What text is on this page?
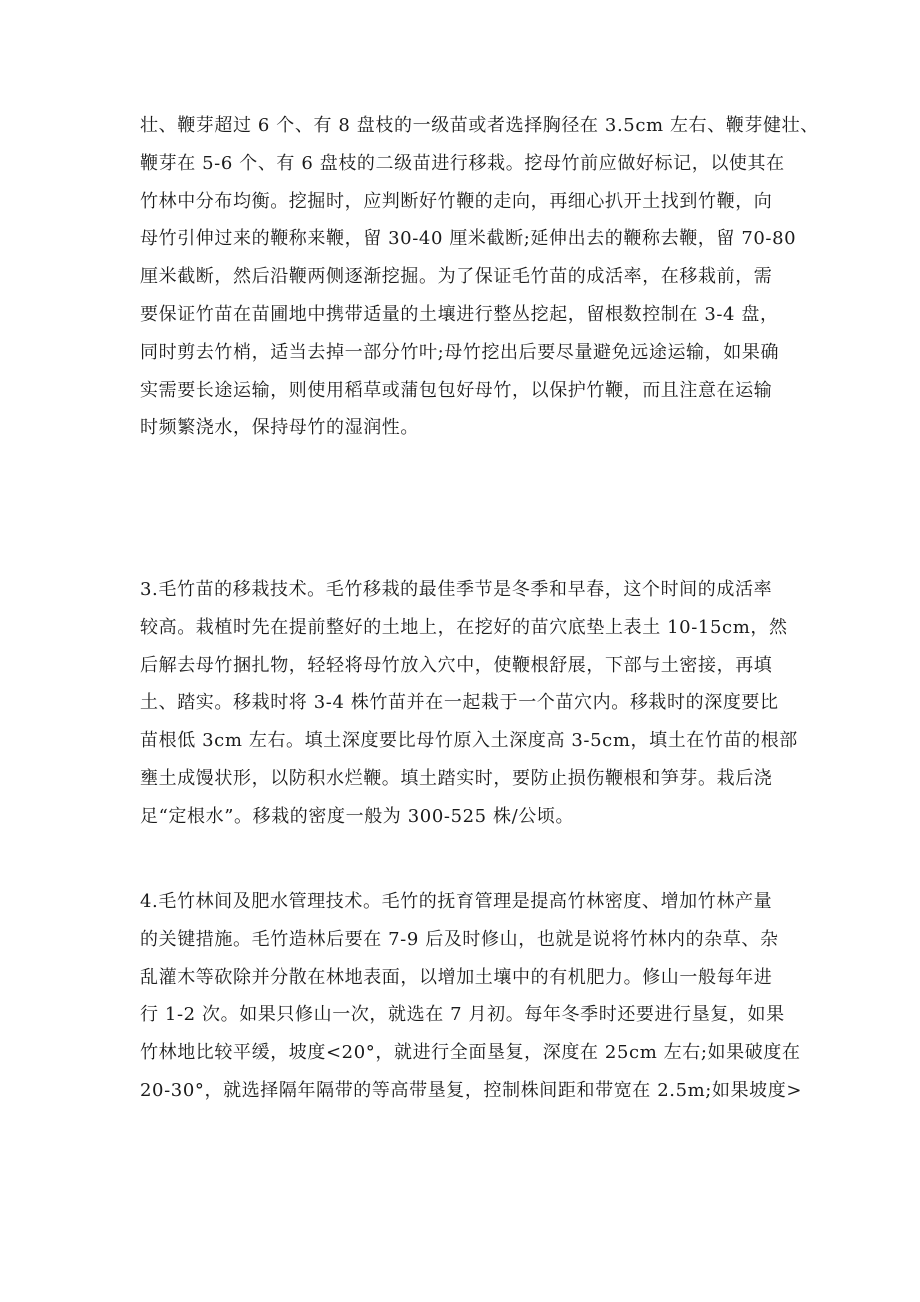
壮、鞭芽超过 6 个、有 8 盘枝的一级苗或者选择胸径在 3.5cm 左右、鞭芽健壮、
鞭芽在 5-6 个、有 6 盘枝的二级苗进行移栽。挖母竹前应做好标记，以使其在
竹林中分布均衡。挖掘时，应判断好竹鞭的走向，再细心扒开土找到竹鞭，向
母竹引伸过来的鞭称来鞭，留 30-40 厘米截断;延伸出去的鞭称去鞭，留 70-80
厘米截断，然后沿鞭两侧逐渐挖掘。为了保证毛竹苗的成活率，在移栽前，需
要保证竹苗在苗圃地中携带适量的土壤进行整丛挖起，留根数控制在 3-4 盘，
同时剪去竹梢，适当去掉一部分竹叶;母竹挖出后要尽量避免远途运输，如果确
实需要长途运输，则使用稻草或蒲包包好母竹，以保护竹鞭，而且注意在运输
时频繁浇水，保持母竹的湿润性。
3.毛竹苗的移栽技术。毛竹移栽的最佳季节是冬季和早春，这个时间的成活率
较高。栽植时先在提前整好的土地上，在挖好的苗穴底垫上表土 10-15cm，然
后解去母竹捆扎物，轻轻将母竹放入穴中，使鞭根舒展，下部与土密接，再填
土、踏实。移栽时将 3-4 株竹苗并在一起栽于一个苗穴内。移栽时的深度要比
苗根低 3cm 左右。填土深度要比母竹原入土深度高 3-5cm，填土在竹苗的根部
壅土成馒状形，以防积水烂鞭。填土踏实时，要防止损伤鞭根和笋芽。栽后浇
足“定根水”。移栽的密度一般为 300-525 株/公顷。
4.毛竹林间及肥水管理技术。毛竹的抚育管理是提高竹林密度、增加竹林产量
的关键措施。毛竹造林后要在 7-9 后及时修山，也就是说将竹林内的杂草、杂
乱灌木等砍除并分散在林地表面，以增加土壤中的有机肥力。修山一般每年进
行 1-2 次。如果只修山一次，就选在 7 月初。每年冬季时还要进行垦复，如果
竹林地比较平缓，坡度<20°，就进行全面垦复，深度在 25cm 左右;如果破度在
20-30°，就选择隔年隔带的等高带垦复，控制株间距和带宽在 2.5m;如果坡度>
